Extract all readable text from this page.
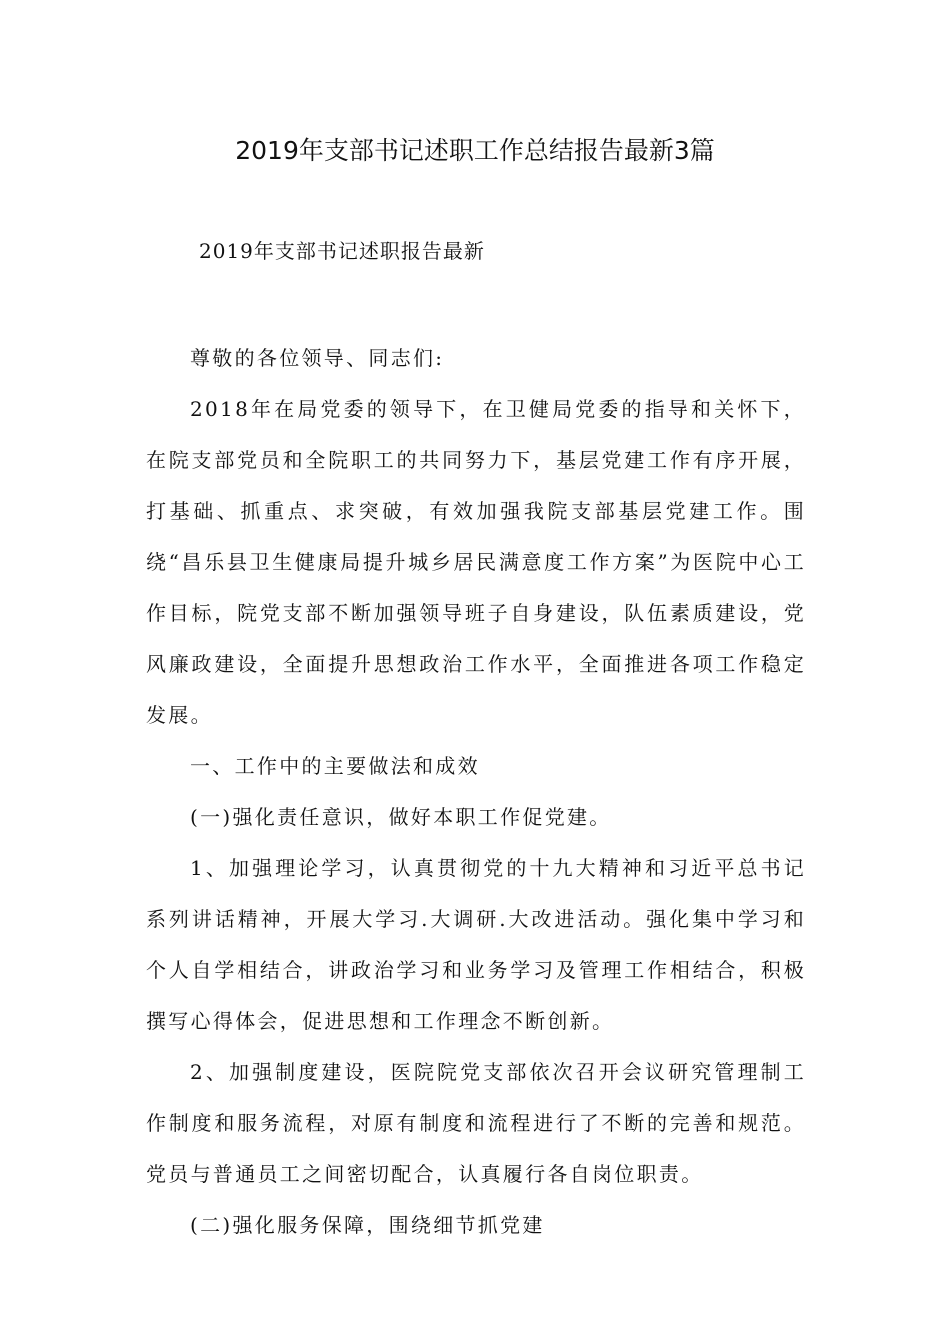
2019年支部书记述职工作总结报告最新3篇

2019年支部书记述职报告最新

尊敬的各位领导、同志们:

2018年在局党委的领导下，在卫健局党委的指导和关怀下，在院支部党员和全院职工的共同努力下，基层党建工作有序开展，打基础、抓重点、求突破，有效加强我院支部基层党建工作。围绕“昌乐县卫生健康局提升城乡居民满意度工作方案”为医院中心工作目标，院党支部不断加强领导班子自身建设，队伍素质建设，党风廉政建设，全面提升思想政治工作水平，全面推进各项工作稳定发展。

一、工作中的主要做法和成效

(一)强化责任意识，做好本职工作促党建。

1、加强理论学习，认真贯彻党的十九大精神和习近平总书记系列讲话精神，开展大学习.大调研.大改进活动。强化集中学习和个人自学相结合，讲政治学习和业务学习及管理工作相结合，积极撰写心得体会，促进思想和工作理念不断创新。

2、加强制度建设，医院院党支部依次召开会议研究管理制工作制度和服务流程，对原有制度和流程进行了不断的完善和规范。党员与普通员工之间密切配合，认真履行各自岗位职责。

(二)强化服务保障，围绕细节抓党建
